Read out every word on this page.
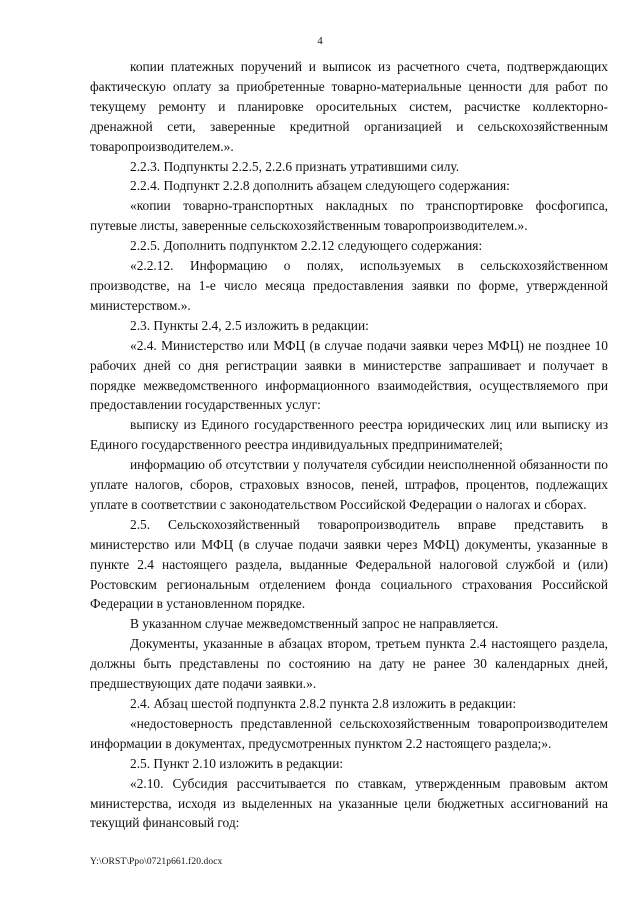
4

копии платежных поручений и выписок из расчетного счета, подтверждающих фактическую оплату за приобретенные товарно-материальные ценности для работ по текущему ремонту и планировке оросительных систем, расчистке коллекторно-дренажной сети, заверенные кредитной организацией и сельскохозяйственным товаропроизводителем.».

2.2.3. Подпункты 2.2.5, 2.2.6 признать утратившими силу.

2.2.4. Подпункт 2.2.8 дополнить абзацем следующего содержания:

«копии товарно-транспортных накладных по транспортировке фосфогипса, путевые листы, заверенные сельскохозяйственным товаропроизводителем.».

2.2.5. Дополнить подпунктом 2.2.12 следующего содержания:

«2.2.12. Информацию о полях, используемых в сельскохозяйственном производстве, на 1-е число месяца предоставления заявки по форме, утвержденной министерством.».

2.3. Пункты 2.4, 2.5 изложить в редакции:

«2.4. Министерство или МФЦ (в случае подачи заявки через МФЦ) не позднее 10 рабочих дней со дня регистрации заявки в министерстве запрашивает и получает в порядке межведомственного информационного взаимодействия, осуществляемого при предоставлении государственных услуг:

выписку из Единого государственного реестра юридических лиц или выписку из Единого государственного реестра индивидуальных предпринимателей;

информацию об отсутствии у получателя субсидии неисполненной обязанности по уплате налогов, сборов, страховых взносов, пеней, штрафов, процентов, подлежащих уплате в соответствии с законодательством Российской Федерации о налогах и сборах.

2.5. Сельскохозяйственный товаропроизводитель вправе представить в министерство или МФЦ (в случае подачи заявки через МФЦ) документы, указанные в пункте 2.4 настоящего раздела, выданные Федеральной налоговой службой и (или) Ростовским региональным отделением фонда социального страхования Российской Федерации в установленном порядке.

В указанном случае межведомственный запрос не направляется.

Документы, указанные в абзацах втором, третьем пункта 2.4 настоящего раздела, должны быть представлены по состоянию на дату не ранее 30 календарных дней, предшествующих дате подачи заявки.».

2.4. Абзац шестой подпункта 2.8.2 пункта 2.8 изложить в редакции:

«недостоверность представленной сельскохозяйственным товаропроизводителем информации в документах, предусмотренных пунктом 2.2 настоящего раздела;».

2.5. Пункт 2.10 изложить в редакции:

«2.10. Субсидия рассчитывается по ставкам, утвержденным правовым актом министерства, исходя из выделенных на указанные цели бюджетных ассигнований на текущий финансовый год:

Y:\ORST\Ppo\0721p661.f20.docx
